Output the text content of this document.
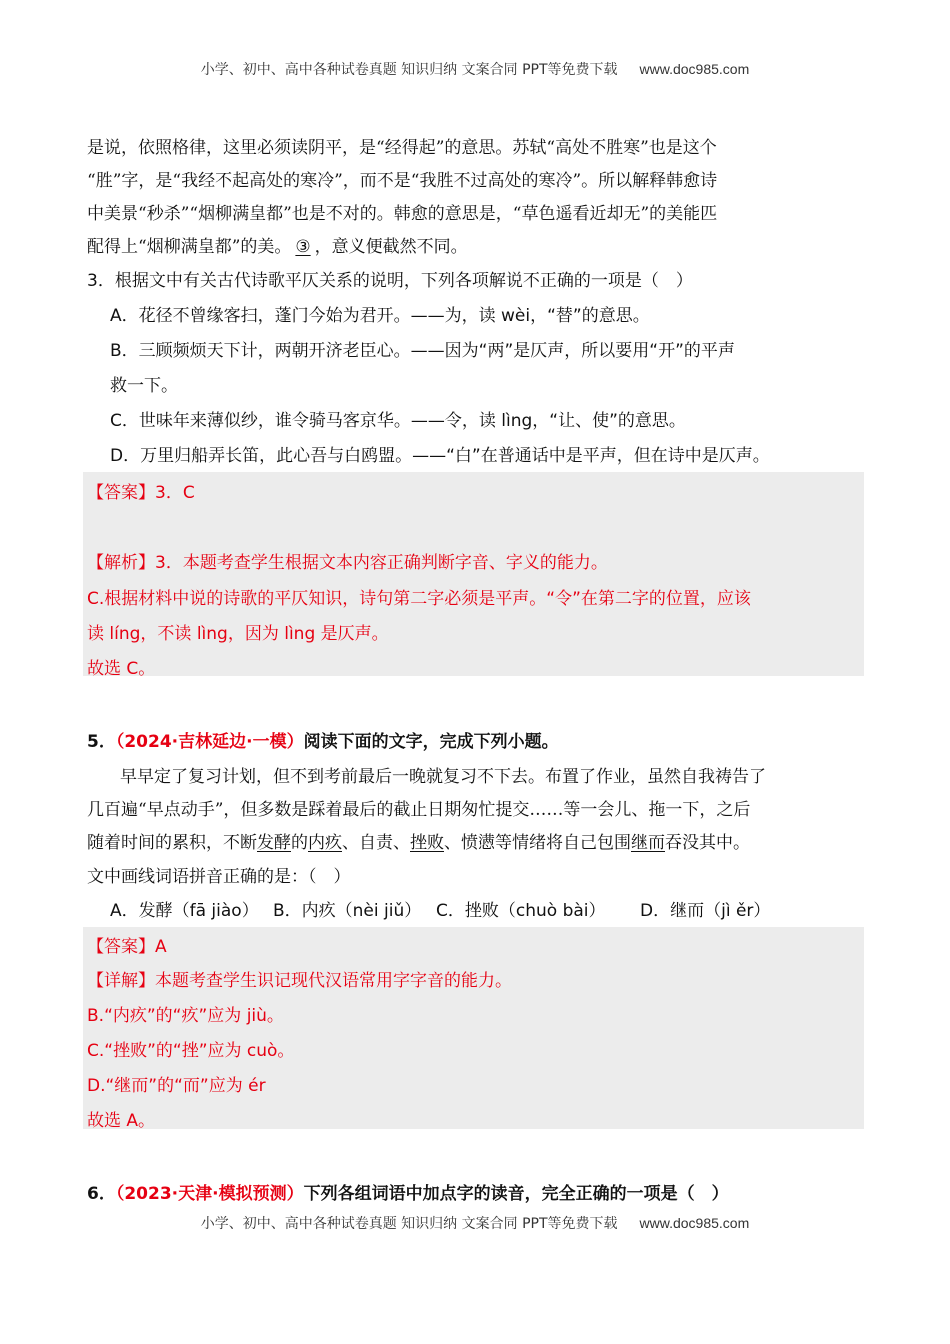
小学、初中、高中各种试卷真题 知识归纳 文案合同 PPT等免费下载 www.doc985.com
是说，依照格律，这里必须读阴平，是“经得起”的意思。苏轼“高处不胜寒”也是这个
“胜”字，是“我经不起高处的寒冷”，而不是“我胜不过高处的寒冷”。所以解释韩愈诗
中美景“秒杀”“烟柳满皇都”也是不对的。韩愈的意思是，“草色遥看近却无”的美能匹
配得上“烟柳满皇都”的美。 ③ ，意义便截然不同。
3．根据文中有关古代诗歌平仄关系的说明，下列各项解说不正确的一项是（　）
A．花径不曾缘客扫，蓬门今始为君开。——为，读 wèi，“替”的意思。
B．三顾频烦天下计，两朝开济老臣心。——因为“两”是仄声，所以要用“开”的平声
救一下。
C．世味年来薄似纱，谁令骑马客京华。——令，读 lìng，“让、使”的意思。
D．万里归船弄长笛，此心吾与白鸥盟。——“白”在普通话中是平声，但在诗中是仄声。
【答案】3．C
【解析】3．本题考查学生根据文本内容正确判断字音、字义的能力。
C.根据材料中说的诗歌的平仄知识，诗句第二字必须是平声。“令”在第二字的位置，应该
读 líng，不读 lìng，因为 lìng 是仄声。
故选 C。
5．（2024·吉林延边·一模）阅读下面的文字，完成下列小题。
早早定了复习计划，但不到考前最后一晚就复习不下去。布置了作业，虽然自我祷告了
几百遍“早点动手”，但多数是踩着最后的截止日期匆忙提交……等一会儿、拖一下，之后
随着时间的累积，不断发酵的内疚、自责、挫败、愤懑等情绪将自己包围继而吞没其中。
文中画线词语拼音正确的是：（　）
A．发酵（fā jiào） B．内疚（nèi jiǔ） C．挫败（chuò bài） D．继而（jì ěr）
【答案】A
【详解】本题考查学生识记现代汉语常用字字音的能力。
B.“内疚”的“疚”应为 jiù。
C.“挫败”的“挫”应为 cuò。
D.“继而”的“而”应为 ér
故选 A。
6．（2023·天津·模拟预测）下列各组词语中加点字的读音，完全正确的一项是（　）
小学、初中、高中各种试卷真题 知识归纳 文案合同 PPT等免费下载 www.doc985.com
